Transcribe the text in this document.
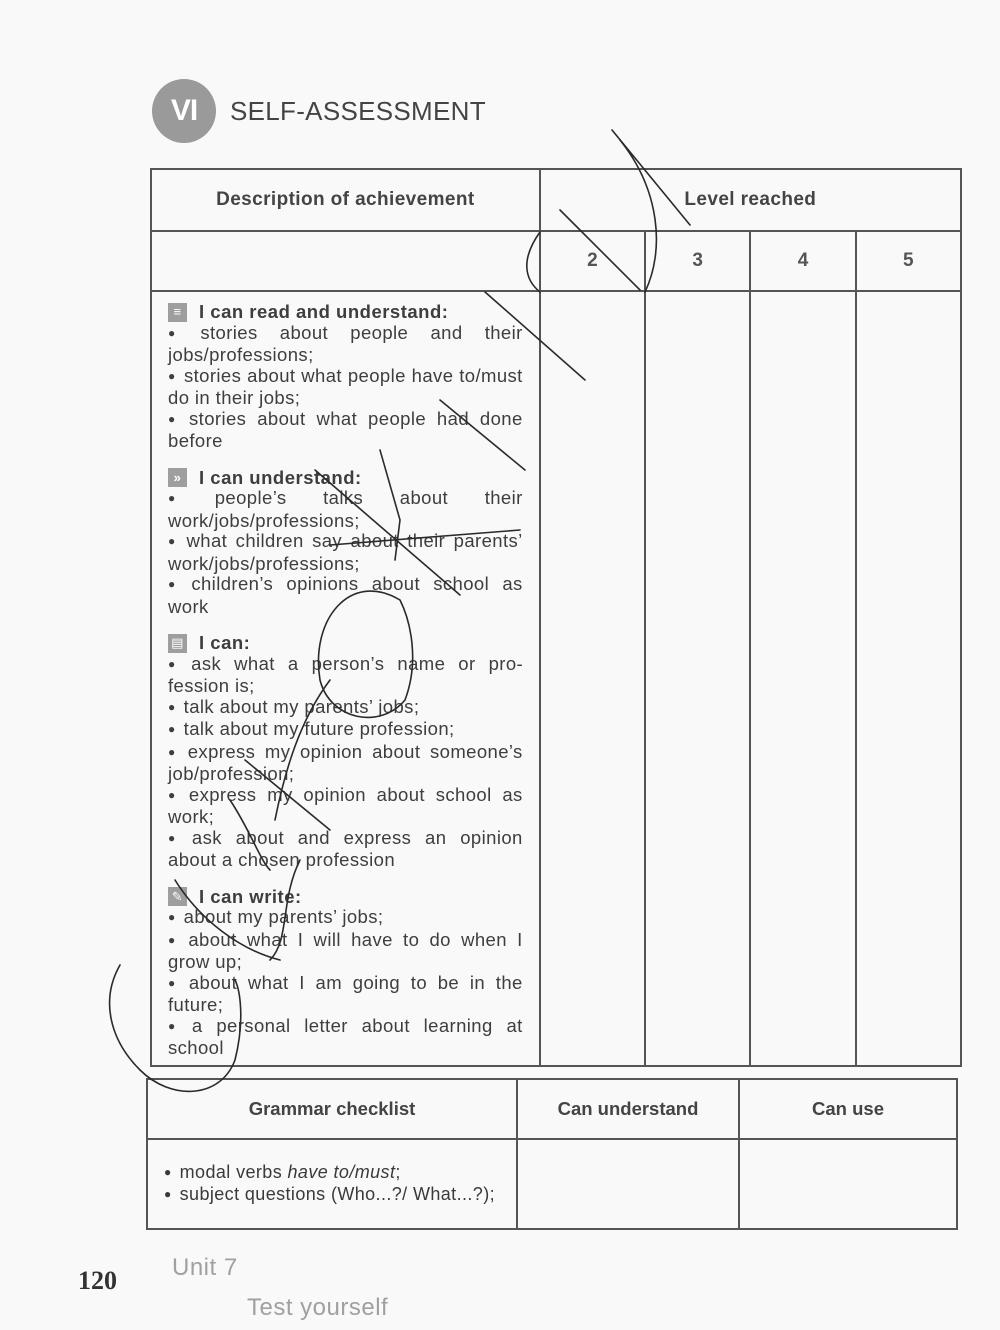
VI	SELF-ASSESSMENT
Description of achievement	Level reached			
	2	3	4	5

≡ I can read and understand:
● stories about people and their jobs/professions;
● stories about what people have to/must do in their jobs;
● stories about what people had done before
» I can understand:
● people’s talks about their work/jobs/professions;
● what children say about their parents’ work/jobs/professions;
● children’s opinions about school as work
▤ I can:
● ask what a person’s name or profession is;
● talk about my parents’ jobs;
● talk about my future profession;
● express my opinion about someone’s job/profession;
● express my opinion about school as work;
● ask about and express an opinion about a chosen profession
✎ I can write:
● about my parents’ jobs;
● about what I will have to do when I grow up;
● about what I am going to be in the future;
● a personal letter about learning at school

Grammar checklist	Can understand	Can use

● modal verbs have to/must;
● subject questions (Who...?/ What...?);

120 Unit 7
Test yourself
